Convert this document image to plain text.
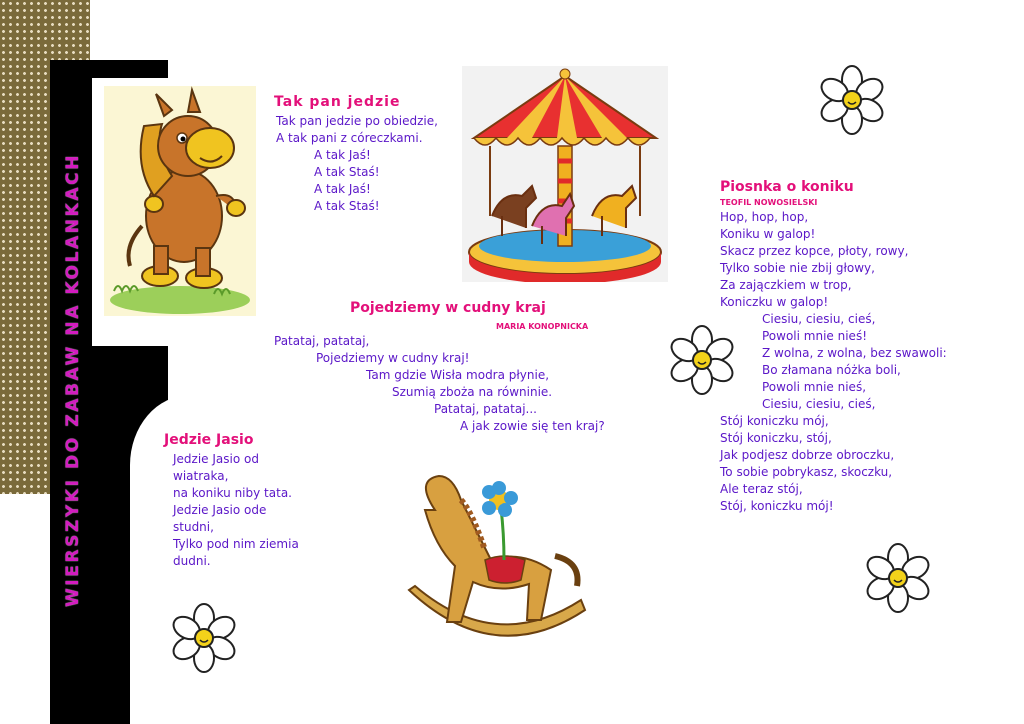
WIERSZYKI DO ZABAW NA KOLANKACH
Tak pan jedzie
Tak pan jedzie po obiedzie,
A tak pani z córeczkami.
A tak Jaś!
A tak Staś!
A tak Jaś!
A tak Staś!
Pojedziemy w cudny kraj
MARIA KONOPNICKA
Patataj, patataj,
Pojedziemy w cudny kraj!
Tam gdzie Wisła modra płynie,
Szumią zboża na równinie.
Patataj, patataj...
A jak zowie się ten kraj?
Jedzie Jasio
Jedzie Jasio od
wiatraka,
na koniku niby tata.
Jedzie Jasio ode
studni,
Tylko pod nim ziemia
dudni.
Piosnka o koniku
TEOFIL NOWOSIELSKI
Hop, hop, hop,
Koniku w galop!
Skacz przez kopce, płoty, rowy,
Tylko sobie nie zbij głowy,
Za zajączkiem w trop,
Koniczku w galop!
Ciesiu, ciesiu, cieś,
Powoli mnie nieś!
Z wolna, z wolna, bez swawoli:
Bo złamana nóżka boli,
Powoli mnie nieś,
Ciesiu, ciesiu, cieś,
Stój koniczku mój,
Stój koniczku, stój,
Jak podjesz dobrze obroczku,
To sobie pobrykasz, skoczku,
Ale teraz stój,
Stój, koniczku mój!
